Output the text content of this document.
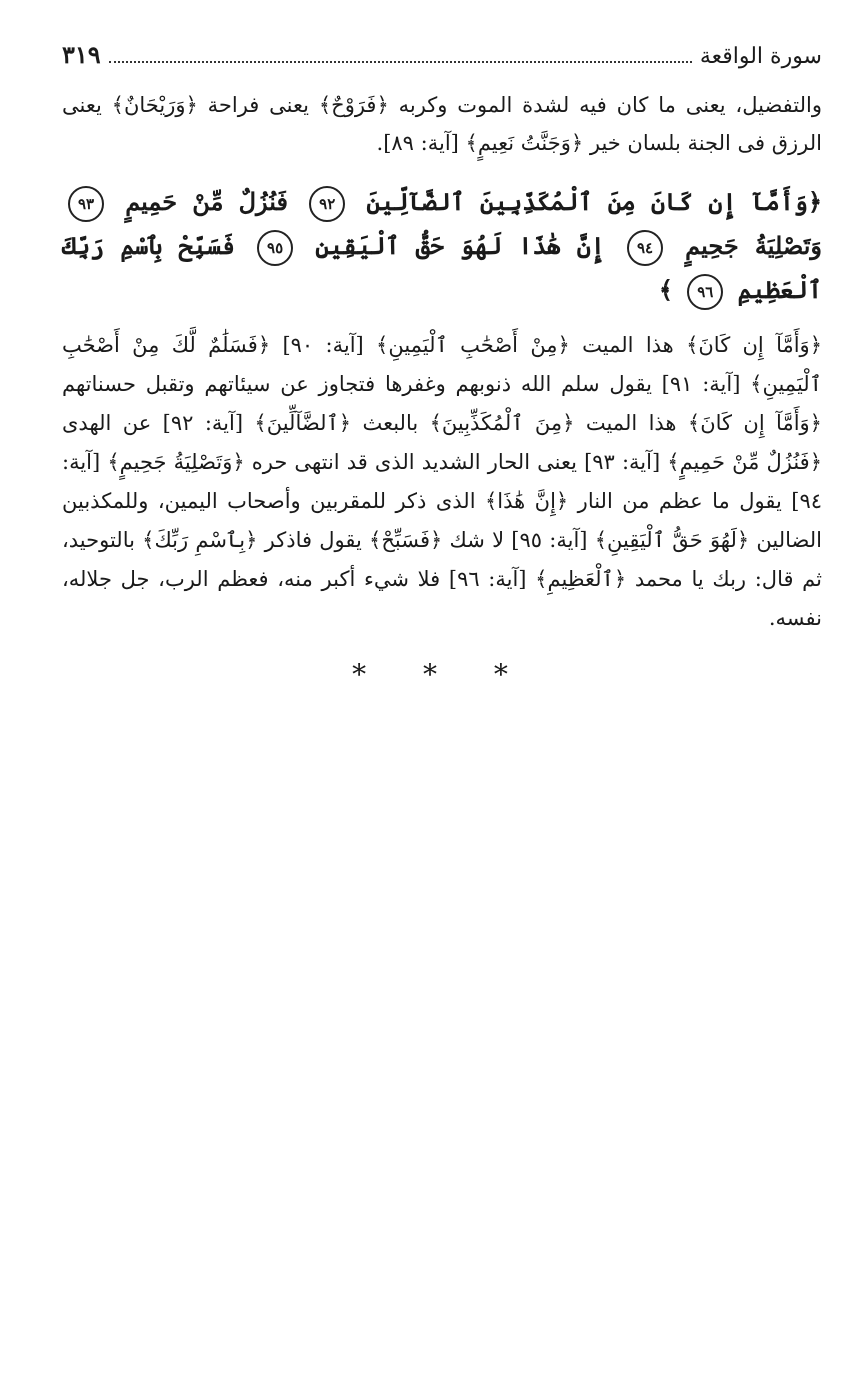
سورة الواقعة
٣١٩

والتفضيل، يعنى ما كان فيه لشدة الموت وكربه ﴿فَرَوْحٌ﴾ يعنى فراحة ﴿وَرَيْحَانٌ﴾ يعنى الرزق فى الجنة بلسان خير ﴿وَجَنَّتُ نَعِيمٍ﴾ [آية: ٨٩].

﴿وَأَمَّآ إِن كَانَ مِنَ ٱلْمُكَذِّبِينَ ٱلضَّآلِّينَ ٩٢ فَنُزُلٌ مِّنْ حَمِيمٍ ٩٣ وَتَصْلِيَةُ جَحِيمٍ ٩٤ إِنَّ هَٰذَا لَهُوَ حَقُّ ٱلْيَقِينِ ٩٥ فَسَبِّحْ بِٱسْمِ رَبِّكَ ٱلْعَظِيمِ ٩٦ ﴾

﴿وَأَمَّآ إِن كَانَ﴾ هذا الميت ﴿مِنْ أَصْحَٰبِ ٱلْيَمِينِ﴾ [آية: ٩٠] ﴿فَسَلَٰمٌ لَّكَ مِنْ أَصْحَٰبِ ٱلْيَمِينِ﴾ [آية: ٩١] يقول سلم الله ذنوبهم وغفرها فتجاوز عن سيئاتهم وتقبل حسناتهم ﴿وَأَمَّآ إِن كَانَ﴾ هذا الميت ﴿مِنَ ٱلْمُكَذِّبِينَ﴾ بالبعث ﴿ٱلضَّآلِّينَ﴾ [آية: ٩٢] عن الهدى ﴿فَنُزُلٌ مِّنْ حَمِيمٍ﴾ [آية: ٩٣] يعنى الحار الشديد الذى قد انتهى حره ﴿وَتَصْلِيَةُ جَحِيمٍ﴾ [آية: ٩٤] يقول ما عظم من النار ﴿إِنَّ هَٰذَا﴾ الذى ذكر للمقربين وأصحاب اليمين، وللمكذبين الضالين ﴿لَهُوَ حَقُّ ٱلْيَقِينِ﴾ [آية: ٩٥] لا شك ﴿فَسَبِّحْ﴾ يقول فاذكر ﴿بِٱسْمِ رَبِّكَ﴾ بالتوحيد، ثم قال: ربك يا محمد ﴿ٱلْعَظِيمِ﴾ [آية: ٩٦] فلا شيء أكبر منه، فعظم الرب، جل جلاله، نفسه.

* * *
